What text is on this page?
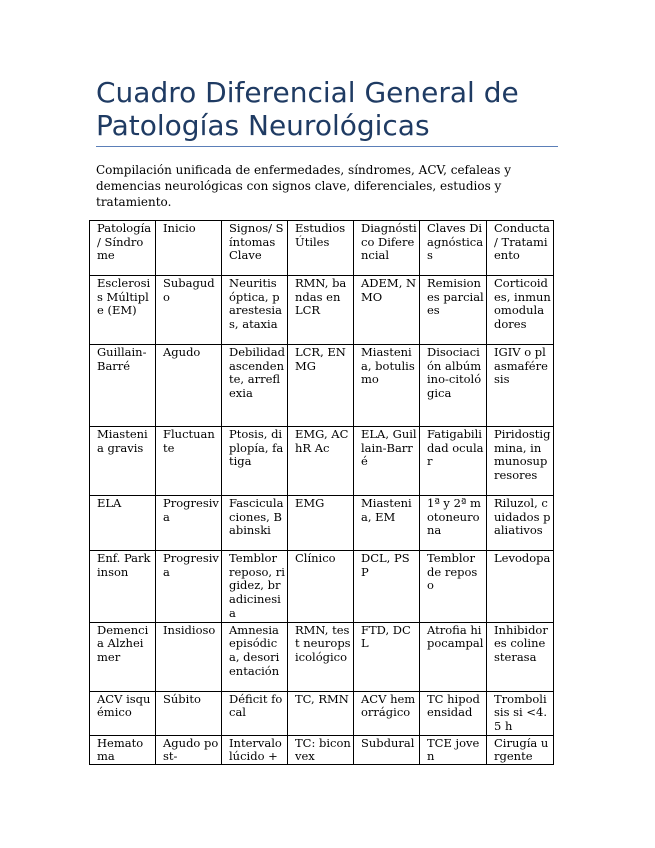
Cuadro Diferencial General de Patologías Neurológicas

Compilación unificada de enfermedades, síndromes, ACV, cefaleas y demencias neurológicas con signos clave, diferenciales, estudios y tratamiento.

Patología / Síndrome	Inicio	Signos/ Síntomas Clave	Estudios Útiles	Diagnóstico Diferencial	Claves Diagnósticas	Conducta / Tratamiento
Esclerosis Múltiple (EM)	Subagudo	Neuritis óptica, parestesias, ataxia	RMN, bandas en LCR	ADEM, NMO	Remisiones parciales	Corticoides, inmunomoduladores
Guillain-Barré	Agudo	Debilidad ascendente, arreflexia	LCR, ENMG	Miastenia, botulismo	Disociación albúmino-citológica	IGIV o plasmaféresis
Miastenia gravis	Fluctuante	Ptosis, diplopía, fatiga	EMG, AChR Ac	ELA, Guillain-Barré	Fatigabilidad ocular	Piridostigmina, inmunosupresores
ELA	Progresiva	Fasciculaciones, Babinski	EMG	Miastenia, EM	1ª y 2ª motoneurona	Riluzol, cuidados paliativos
Enf. Parkinson	Progresiva	Temblor reposo, rigidez, bradicinesia	Clínico	DCL, PSP	Temblor de reposo	Levodopa
Demencia Alzheimer	Insidioso	Amnesia episódica, desorientación	RMN, test neuropsicológico	FTD, DCL	Atrofia hipocampal	Inhibidores colinesterasa
ACV isquémico	Súbito	Déficit focal	TC, RMN	ACV hemorrágico	TC hipodensidad	Trombolisis si <4.5 h
Hematoma	Agudo post-	Intervalo lúcido +	TC: biconvex	Subdural	TCE joven	Cirugía urgente
